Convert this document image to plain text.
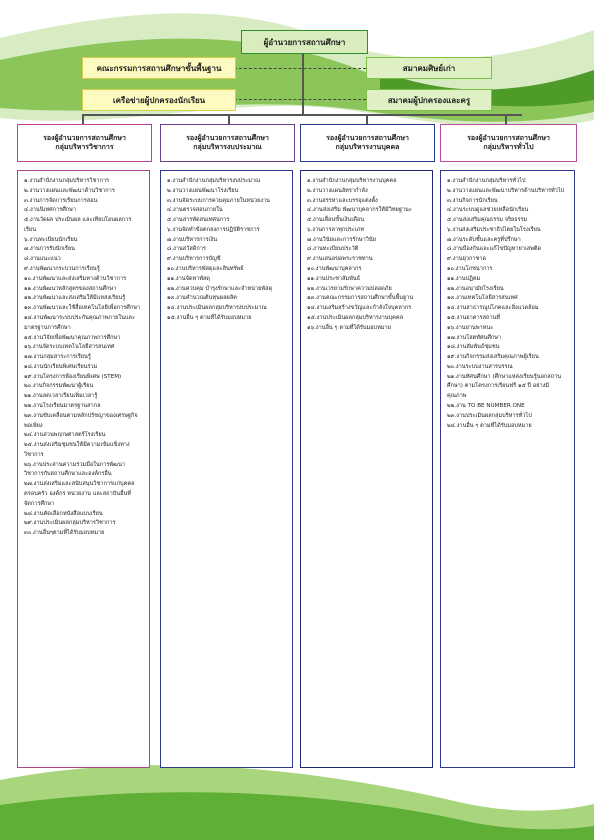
ผู้อำนวยการสถานศึกษา
คณะกรรมการสถานศึกษาขั้นพื้นฐาน
เครือข่ายผู้ปกครองนักเรียน
สมาคมศิษย์เก่า
สมาคมผู้ปกครองและครู
รองผู้อำนวยการสถานศึกษา
กลุ่มบริหารวิชาการ
รองผู้อำนวยการสถานศึกษา
กลุ่มบริหารงบประมาณ
รองผู้อำนวยการสถานศึกษา
กลุ่มบริหารงานบุคคล
รองผู้อำนวยการสถานศึกษา
กลุ่มบริหารทั่วไป
๑.งานสำนักงานกลุ่มบริหารวิชาการ
๒.งานวางแผนและพัฒนาด้านวิชาการ
๓.งานการจัดการเรียนการสอน
๔.งานนิเทศการศึกษา
๕.งานวัดผล ประเมินผล และเทียบโอนผลการเรียน
๖.งานทะเบียนนักเรียน
๗.งานการรับนักเรียน
๘.งานแนะแนว
๙.งานพัฒนากระบวนการเรียนรู้
๑๐.งานพัฒนาและส่งเสริมทางด้านวิชาการ
๑๑.งานพัฒนาหลักสูตรของสถานศึกษา
๑๒.งานพัฒนาและส่งเสริมให้มีแหล่งเรียนรู้
๑๓.งานพัฒนาและใช้สื่อเทคโนโลยีเพื่อการศึกษา
๑๔.งานพัฒนาระบบประกันคุณภาพภายในและมาตรฐานการศึกษา
๑๕.งานวิจัยเพื่อพัฒนาคุณภาพการศึกษา
๑๖.งานจัดระบบเทคโนโลยีสารสนเทศ
๑๗.งานกลุ่มสาระการเรียนรู้
๑๘.งานนักเรียนพิเศษเรียนร่วม
๑๙.งานโครงการห้องเรียนพิเศษ (STEM)
๒๐.งานกิจกรรมพัฒนาผู้เรียน
๒๑.งานลดเวลาเรียนเพิ่มเวลารู้
๒๒.งานโรงเรียนมาตรฐานสากล
๒๓.งานขับเคลื่อนตามหลักปรัชญาของเศรษฐกิจพอเพียง
๒๔.งานสวนพฤกษศาสตร์โรงเรียน
๒๕.งานส่งเสริมชุมชนให้มีความเข้มแข็งทางวิชาการ
๒๖.งานประสานความร่วมมือในการพัฒนาวิชาการกับสถานศึกษาและองค์กรอื่น
๒๗.งานส่งเสริมและสนับสนุนวิชาการแก่บุคคล ครอบครัว องค์กร หน่วยงาน และสถาบันอื่นที่จัดการศึกษา
๒๘.งานคัดเลือกหนังสือแบบเรียน
๒๙.งานประเมินผลกลุ่มบริหารวิชาการ
๓๐.งานอื่นๆตามที่ได้รับมอบหมาย
๑.งานสำนักงานกลุ่มบริหารงบประมาณ
๒.งานวางแผนพัฒนาโรงเรียน
๓.งานจัดระบบการควบคุมภายในหน่วยงาน
๔.งานตรวจสอบภายใน
๕.งานสารพัดสนเทศนการ
๖.งานจัดทำข้อตกลงการปฏิบัติราชการ
๗.งานบริหารการเงิน
๘.งานสวัสดิการ
๙.งานบริหารการบัญชี
๑๐.งานบริหารพัสดุและสินทรัพย์
๑๑.งานจัดหาพัสดุ
๑๒.งานควบคุม บำรุงรักษาและจำหน่ายพัสดุ
๑๓.งานคำนวณต้นทุนผลผลิต
๑๔.งานประเมินผลกลุ่มบริหารงบประมาณ
๑๕.งานอื่น ๆ ตามที่ได้รับมอบหมาย
๑.งานสำนักงานกลุ่มบริหารงานบุคคล
๒.งานวางแผนอัตรากำลัง
๓.งานสรรหาและบรรจุแต่งตั้ง
๔.งานส่งเสริม พัฒนาบุคลากรให้มีวิทยฐานะ
๕.งานเลื่อนขั้นเงินเดือน
๖.งานการลาทุกประเภท
๗.งานวินัยและการรักษาวินัย
๘.งานทะเบียนประวัติ
๙.งานเสนอขอพระราชทาน
๑๐.งานพัฒนาบุคลากร
๑๑.งานประชาสัมพันธ์
๑๒.งานเวรยามรักษาความปลอดภัย
๑๓.งานคณะกรรมการสถานศึกษาขั้นพื้นฐาน
๑๔.งานเสริมสร้างขวัญและกำลังใจบุคลากร
๑๕.งานประเมินผลกลุ่มบริหารงานบุคคล
๑๖.งานอื่น ๆ ตามที่ได้รับมอบหมาย
๑.งานสำนักงานกลุ่มบริหารทั่วไป
๒.งานวางแผนและพัฒนาบริหารด้านบริหารทั่วไป
๓.งานกิจการนักเรียน
๔.งานระบบดูแลช่วยเหลือนักเรียน
๕.งานส่งเสริมคุณธรรม จริยธรรม
๖.งานส่งเสริมประชาธิปไตยในโรงเรียน
๗.งานระดับชั้นและครูที่ปรึกษา
๘.งานป้องกันและแก้ไขปัญหายาเสพติด
๙.งานยุวกาชาด
๑๐.งานโภชนาการ
๑๑.งานปฏิคม
๑๒.งานอนามัยโรงเรียน
๑๓.งานเทคโนโลยีสารสนเทศ
๑๔.งานสาธารณูปโภคและสิ่งแวดล้อม
๑๕.งานอาคารสถานที่
๑๖.งานยานพาหนะ
๑๗.งานโสตทัศนศึกษา
๑๘.งานสัมพันธ์ชุมชน
๑๙.งานกิจกรรมส่งเสริมคุณภาพผู้เรียน
๒๐.งานระบบงานสารบรรณ
๒๑.งานทัศนศึกษา (ศึกษาแหล่งเรียนรู้นอกสถานศึกษา) ตามโครงการเรียนฟรี ๑๕ ปี อย่างมีคุณภาพ
๒๒.งาน TO BE NUMBER ONE
๒๓.งานประเมินผลกลุ่มบริหารทั่วไป
๒๔.งานอื่น ๆ ตามที่ได้รับมอบหมาย
